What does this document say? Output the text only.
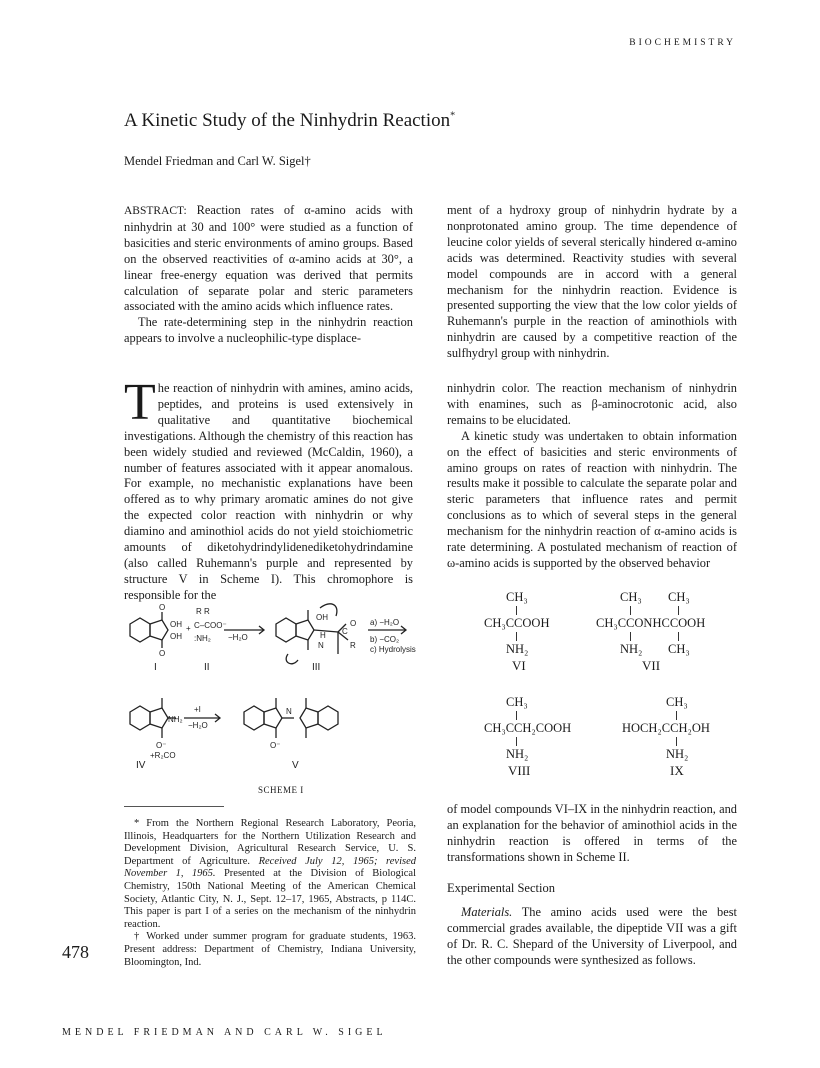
BIOCHEMISTRY
A Kinetic Study of the Ninhydrin Reaction*
Mendel Friedman and Carl W. Sigel†

ABSTRACT: Reaction rates of α-amino acids with ninhydrin at 30 and 100° were studied as a function of basicities and steric environments of amino groups. Based on the observed reactivities of α-amino acids at 30°, a linear free-energy equation was derived that permits calculation of separate polar and steric parameters associated with the amino acids which influence rates.

The rate-determining step in the ninhydrin reaction appears to involve a nucleophilic-type displace-

ment of a hydroxy group of ninhydrin hydrate by a nonprotonated amino group. The time dependence of leucine color yields of several sterically hindered α-amino acids was determined. Reactivity studies with several model compounds are in accord with a general mechanism for the ninhydrin reaction. Evidence is presented supporting the view that the low color yields of Ruhemann's purple in the reaction of aminothiols with ninhydrin are caused by a competitive reaction of the sulfhydryl group with ninhydrin.

The reaction of ninhydrin with amines, amino acids, peptides, and proteins is used extensively in qualitative and quantitative biochemical investigations. Although the chemistry of this reaction has been widely studied and reviewed (McCaldin, 1960), a number of features associated with it appear anomalous. For example, no mechanistic explanations have been offered as to why primary aromatic amines do not give the expected color reaction with ninhydrin or why diamino and aminothiol acids do not yield stoichiometric amounts of diketohydrindylidenediketohydrindamine (also called Ruhemann's purple and represented by structure V in Scheme I). This chromophore is responsible for the

ninhydrin color. The reaction mechanism of ninhydrin with enamines, such as β-aminocrotonic acid, also remains to be elucidated.

A kinetic study was undertaken to obtain information on the effect of basicities and steric environments of amino groups on rates of reaction with ninhydrin. The results make it possible to calculate the separate polar and steric parameters that influence rates and permit conclusions as to which of several steps in the general mechanism for the ninhydrin reaction of α-amino acids is rate determining. A postulated mechanism of reaction of ω-amino acids is supported by the observed behavior

of model compounds VI–IX in the ninhydrin reaction, and an explanation for the behavior of aminothiol acids in the ninhydrin reaction is offered in terms of the transformations shown in Scheme II.

Experimental Section

Materials. The amino acids used were the best commercial grades available, the dipeptide VII was a gift of Dr. R. C. Shepard of the University of Liverpool, and the other compounds were synthesized as follows.

O
OH
OH
O
+
R R
C–COO⁻
:NH₂ −H₂O
OH
H
N
C
O
R
a) −H₂O
b) −CO₂
c) Hydrolysis
NH₂
+I
−H₂O
O⁻
+R₂CO
N
O⁻
I	II	III
IV	V
SCHEME I
CH₃
CH₃CCOOH
NH₂
VI
CH₃ CH₃
CH₃CCONHCCOOH
NH₂ CH₃
VII
CH₃
CH₃CCH₂COOH
NH₂
VIII
CH₃
HOCH₂CCH₂OH
NH₂
IX

* From the Northern Regional Research Laboratory, Peoria, Illinois, Headquarters for the Northern Utilization Research and Development Division, Agricultural Research Service, U. S. Department of Agriculture. Received July 12, 1965; revised November 1, 1965. Presented at the Division of Biological Chemistry, 150th National Meeting of the American Chemical Society, Atlantic City, N. J., Sept. 12–17, 1965, Abstracts, p 114C. This paper is part I of a series on the mechanism of the ninhydrin reaction.

† Worked under summer program for graduate students, 1963. Present address: Department of Chemistry, Indiana University, Bloomington, Ind.

478
MENDEL FRIEDMAN AND CARL W. SIGEL
